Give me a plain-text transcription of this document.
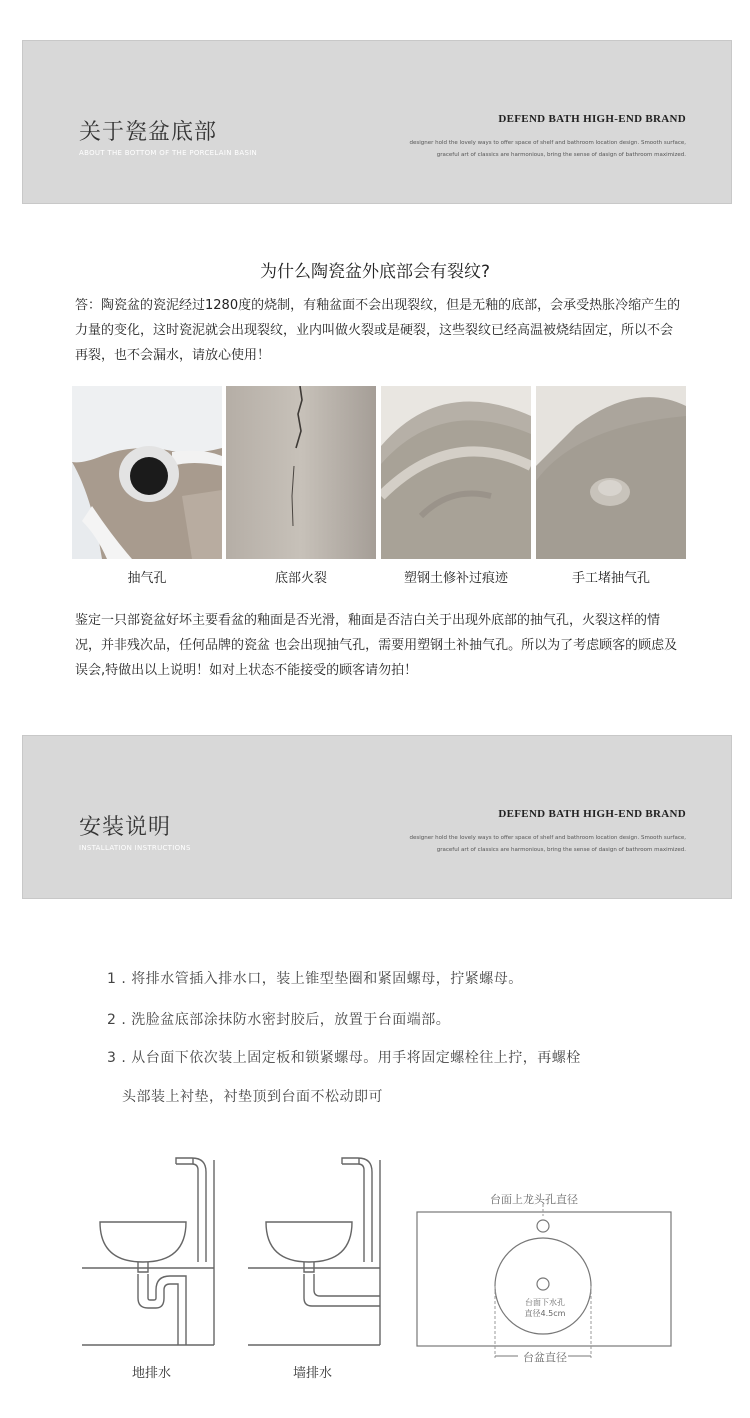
关于瓷盆底部
ABOUT THE BOTTOM OF THE PORCELAIN BASIN
DEFEND BATH HIGH-END BRAND
designer hold the lovely ways to offer space of shelf and bathroom location design. Smooth surface,
graceful art of classics are harmonious, bring the sense of dasign of bathroom maximized.
为什么陶瓷盆外底部会有裂纹?
答：陶瓷盆的瓷泥经过1280度的烧制，有釉盆面不会出现裂纹，但是无釉的底部，会承受热胀冷缩产生的力量的变化，这时瓷泥就会出现裂纹，业内叫做火裂或是硬裂，这些裂纹已经高温被烧结固定，所以不会再裂，也不会漏水，请放心使用！
抽气孔	底部火裂	塑钢土修补过痕迹	手工堵抽气孔
鉴定一只部瓷盆好坏主要看盆的釉面是否光滑，釉面是否洁白关于出现外底部的抽气孔，火裂这样的情况，并非残次品，任何品牌的瓷盆 也会出现抽气孔，需要用塑钢土补抽气孔。所以为了考虑顾客的顾虑及误会,特做出以上说明！如对上状态不能接受的顾客请勿拍！
安装说明
INSTALLATION INSTRUCTIONS
DEFEND BATH HIGH-END BRAND
designer hold the lovely ways to offer space of shelf and bathroom location design. Smooth surface,
graceful art of classics are harmonious, bring the sense of dasign of bathroom maximized.
1 . 将排水管插入排水口，装上锥型垫圈和紧固螺母，拧紧螺母。
2 . 洗脸盆底部涂抹防水密封胶后，放置于台面端部。
3 . 从台面下依次装上固定板和锁紧螺母。用手将固定螺栓往上拧，再螺栓
头部装上衬垫，衬垫顶到台面不松动即可
地排水	墙排水
台面上龙头孔直径
台面下水孔
直径4.5cm
台盆直径
